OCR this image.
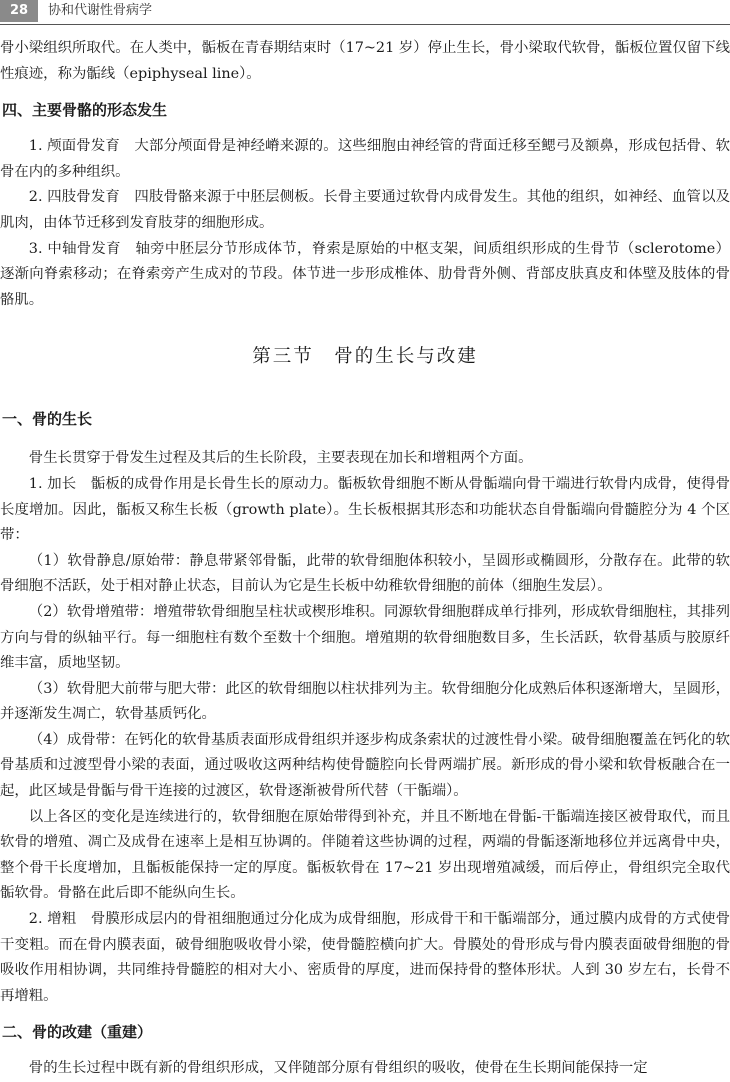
28	协和代谢性骨病学

骨小梁组织所取代。在人类中，骺板在青春期结束时（17~21 岁）停止生长，骨小梁取代软骨，骺板位置仅留下线性痕迹，称为骺线（epiphyseal line）。

四、主要骨骼的形态发生

1. 颅面骨发育　大部分颅面骨是神经嵴来源的。这些细胞由神经管的背面迁移至鳃弓及额鼻，形成包括骨、软骨在内的多种组织。

2. 四肢骨发育　四肢骨骼来源于中胚层侧板。长骨主要通过软骨内成骨发生。其他的组织，如神经、血管以及肌肉，由体节迁移到发育肢芽的细胞形成。

3. 中轴骨发育　轴旁中胚层分节形成体节，脊索是原始的中枢支架，间质组织形成的生骨节（sclerotome）逐渐向脊索移动；在脊索旁产生成对的节段。体节进一步形成椎体、肋骨背外侧、背部皮肤真皮和体壁及肢体的骨骼肌。

第三节　骨的生长与改建
一、骨的生长

骨生长贯穿于骨发生过程及其后的生长阶段，主要表现在加长和增粗两个方面。

1. 加长　骺板的成骨作用是长骨生长的原动力。骺板软骨细胞不断从骨骺端向骨干端进行软骨内成骨，使得骨长度增加。因此，骺板又称生长板（growth plate）。生长板根据其形态和功能状态自骨骺端向骨髓腔分为 4 个区带：

（1）软骨静息/原始带：静息带紧邻骨骺，此带的软骨细胞体积较小，呈圆形或椭圆形，分散存在。此带的软骨细胞不活跃，处于相对静止状态，目前认为它是生长板中幼稚软骨细胞的前体（细胞生发层）。

（2）软骨增殖带：增殖带软骨细胞呈柱状或楔形堆积。同源软骨细胞群成单行排列，形成软骨细胞柱，其排列方向与骨的纵轴平行。每一细胞柱有数个至数十个细胞。增殖期的软骨细胞数目多，生长活跃，软骨基质与胶原纤维丰富，质地坚韧。

（3）软骨肥大前带与肥大带：此区的软骨细胞以柱状排列为主。软骨细胞分化成熟后体积逐渐增大，呈圆形，并逐渐发生凋亡，软骨基质钙化。

（4）成骨带：在钙化的软骨基质表面形成骨组织并逐步构成条索状的过渡性骨小梁。破骨细胞覆盖在钙化的软骨基质和过渡型骨小梁的表面，通过吸收这两种结构使骨髓腔向长骨两端扩展。新形成的骨小梁和软骨板融合在一起，此区域是骨骺与骨干连接的过渡区，软骨逐渐被骨所代替（干骺端）。

以上各区的变化是连续进行的，软骨细胞在原始带得到补充，并且不断地在骨骺-干骺端连接区被骨取代，而且软骨的增殖、凋亡及成骨在速率上是相互协调的。伴随着这些协调的过程，两端的骨骺逐渐地移位并远离骨中央，整个骨干长度增加，且骺板能保持一定的厚度。骺板软骨在 17~21 岁出现增殖减缓，而后停止，骨组织完全取代骺软骨。骨骼在此后即不能纵向生长。

2. 增粗　骨膜形成层内的骨祖细胞通过分化成为成骨细胞，形成骨干和干骺端部分，通过膜内成骨的方式使骨干变粗。而在骨内膜表面，破骨细胞吸收骨小梁，使骨髓腔横向扩大。骨膜处的骨形成与骨内膜表面破骨细胞的骨吸收作用相协调，共同维持骨髓腔的相对大小、密质骨的厚度，进而保持骨的整体形状。人到 30 岁左右，长骨不再增粗。

二、骨的改建（重建）

骨的生长过程中既有新的骨组织形成，又伴随部分原有骨组织的吸收，使骨在生长期间能保持一定
